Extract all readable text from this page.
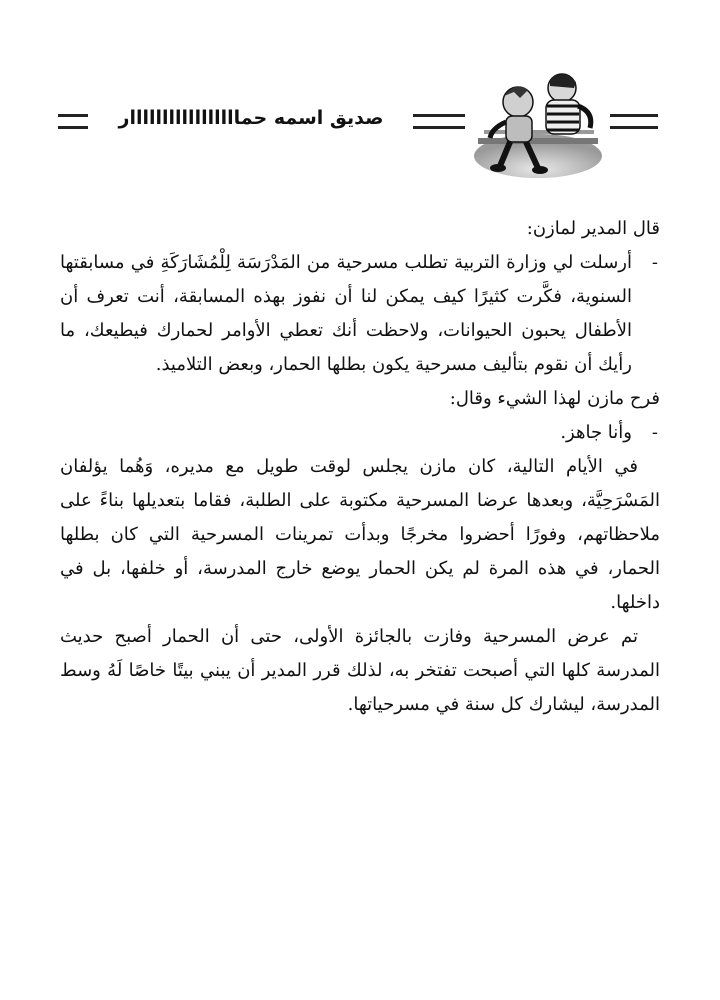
صديق اسمه حمااااااااااااااااار

قال المدير لمازن:

-
أرسلت لي وزارة التربية تطلب مسرحية من المَدْرَسَة لِلْمُشَارَكَةِ في مسابقتها السنوية، فكَّرت كثيرًا كيف يمكن لنا أن نفوز بهذه المسابقة، أنت تعرف أن الأطفال يحبون الحيوانات، ولاحظت أنك تعطي الأوامر لحمارك فيطيعك، ما رأيك أن نقوم بتأليف مسرحية يكون بطلها الحمار، وبعض التلاميذ.

فرح مازن لهذا الشيء وقال:

-
وأنا جاهز.

في الأيام التالية، كان مازن يجلس لوقت طويل مع مديره، وَهُما يؤلفان المَسْرَحِيَّة، وبعدها عرضا المسرحية مكتوبة على الطلبة، فقاما بتعديلها بناءً على ملاحظاتهم، وفورًا أحضروا مخرجًا وبدأت تمرينات المسرحية التي كان بطلها الحمار، في هذه المرة لم يكن الحمار يوضع خارج المدرسة، أو خلفها، بل في داخلها.

تم عرض المسرحية وفازت بالجائزة الأولى، حتى أن الحمار أصبح حديث المدرسة كلها التي أصبحت تفتخر به، لذلك قرر المدير أن يبني بيتًا خاصًا لَهُ وسط المدرسة، ليشارك كل سنة في مسرحياتها.
